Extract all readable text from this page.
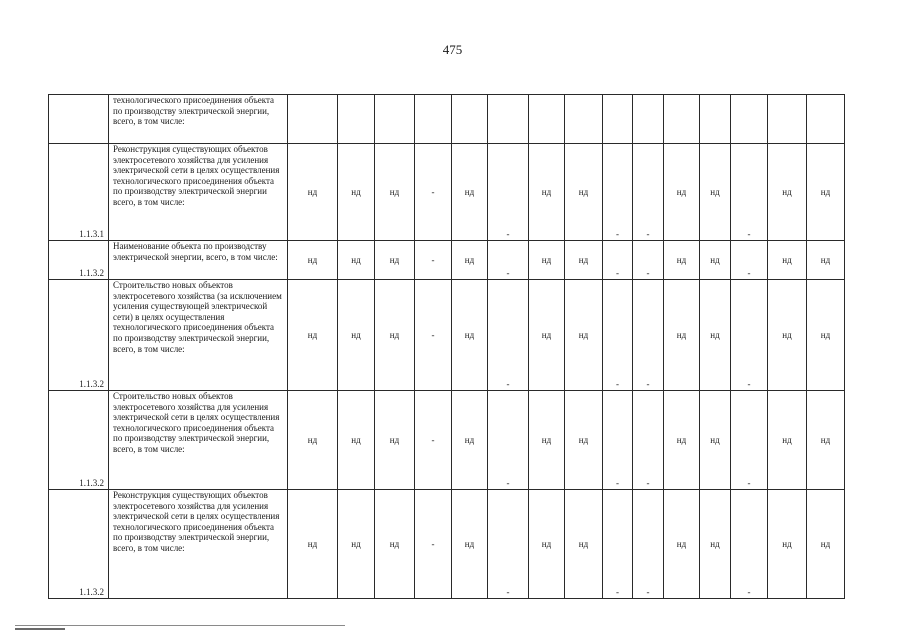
475
	технологического присоединения объекта по производству электрической энергии, всего, в том числе:	

1.1.3.1	Реконструкция существующих объектов электросетевого хозяйства для усиления электрической сети в целях осуществления технологического присоединения объекта по производству электрической энергии всего, в том числе:	нд	нд	нд	-	нд	-	нд	нд	-	-	нд	нд	-	нд	нд

1.1.3.2	Наименование объекта по производству электрической энергии, всего, в том числе:	нд	нд	нд	-	нд	-	нд	нд	-	-	нд	нд	-	нд	нд

1.1.3.2	Строительство новых объектов электросетевого хозяйства (за исключением усиления существующей электрической сети) в целях осуществления технологического присоединения объекта по производству электрической энергии, всего, в том числе:	нд	нд	нд	-	нд	-	нд	нд	-	-	нд	нд	-	нд	нд

1.1.3.2	Строительство новых объектов электросетевого хозяйства для усиления электрической сети в целях осуществления технологического присоединения объекта по производству электрической энергии, всего, в том числе:	нд	нд	нд	-	нд	-	нд	нд	-	-	нд	нд	-	нд	нд

1.1.3.2	Реконструкция существующих объектов электросетевого хозяйства для усиления электрической сети в целях осуществления технологического присоединения объекта по производству электрической энергии, всего, в том числе:	нд	нд	нд	-	нд	-	нд	нд	-	-	нд	нд	-	нд	нд
